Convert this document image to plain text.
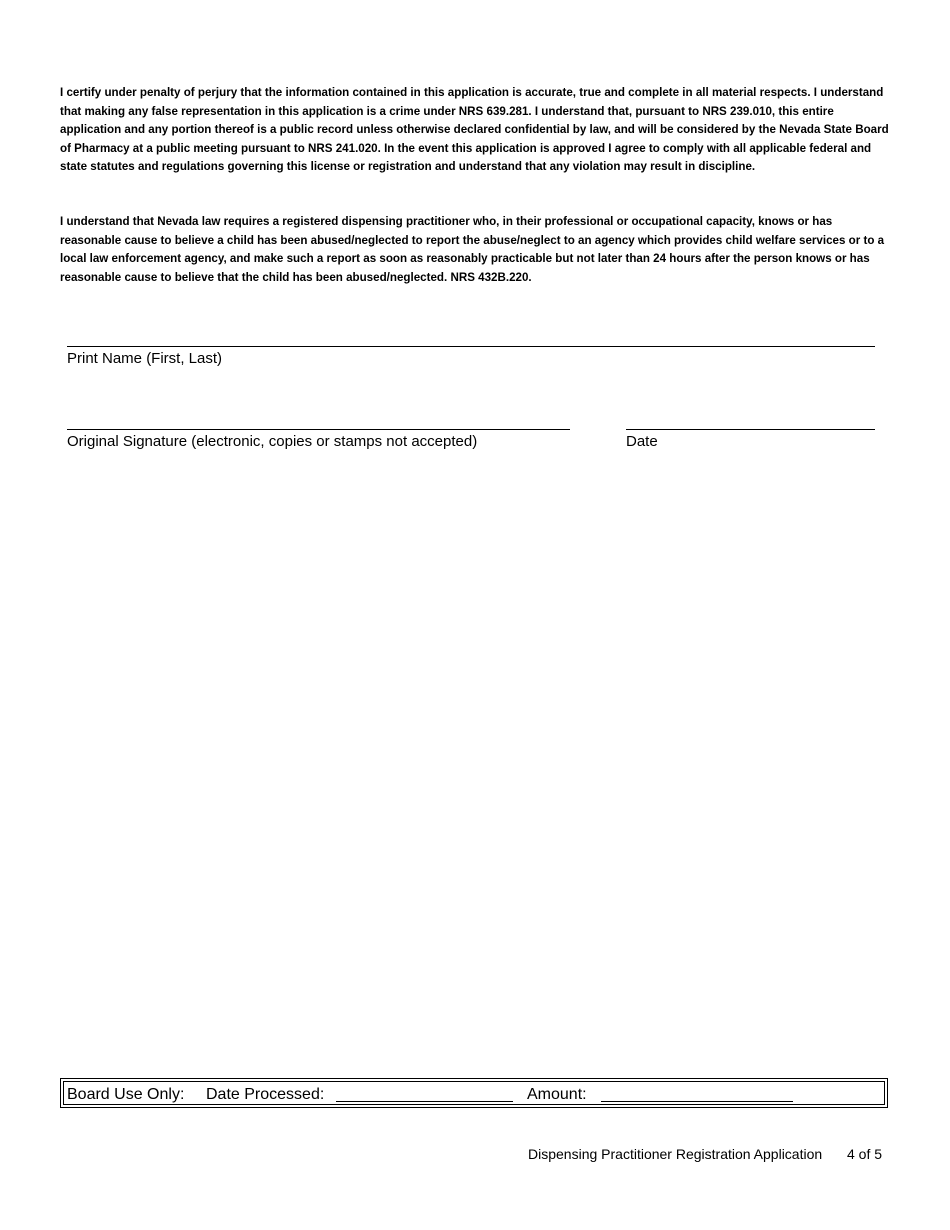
I certify under penalty of perjury that the information contained in this application is accurate, true and complete in all material respects. I understand that making any false representation in this application is a crime under NRS 639.281. I understand that, pursuant to NRS 239.010, this entire application and any portion thereof is a public record unless otherwise declared confidential by law, and will be considered by the Nevada State Board of Pharmacy at a public meeting pursuant to NRS 241.020. In the event this application is approved I agree to comply with all applicable federal and state statutes and regulations governing this license or registration and understand that any violation may result in discipline.

I understand that Nevada law requires a registered dispensing practitioner who, in their professional or occupational capacity, knows or has reasonable cause to believe a child has been abused/neglected to report the abuse/neglect to an agency which provides child welfare services or to a local law enforcement agency, and make such a report as soon as reasonably practicable but not later than 24 hours after the person knows or has reasonable cause to believe that the child has been abused/neglected. NRS 432B.220.

Print Name (First, Last)
Original Signature (electronic, copies or stamps not accepted)	Date
Board Use Only: Date Processed:	Amount:
Dispensing Practitioner Registration Application 4 of 5
